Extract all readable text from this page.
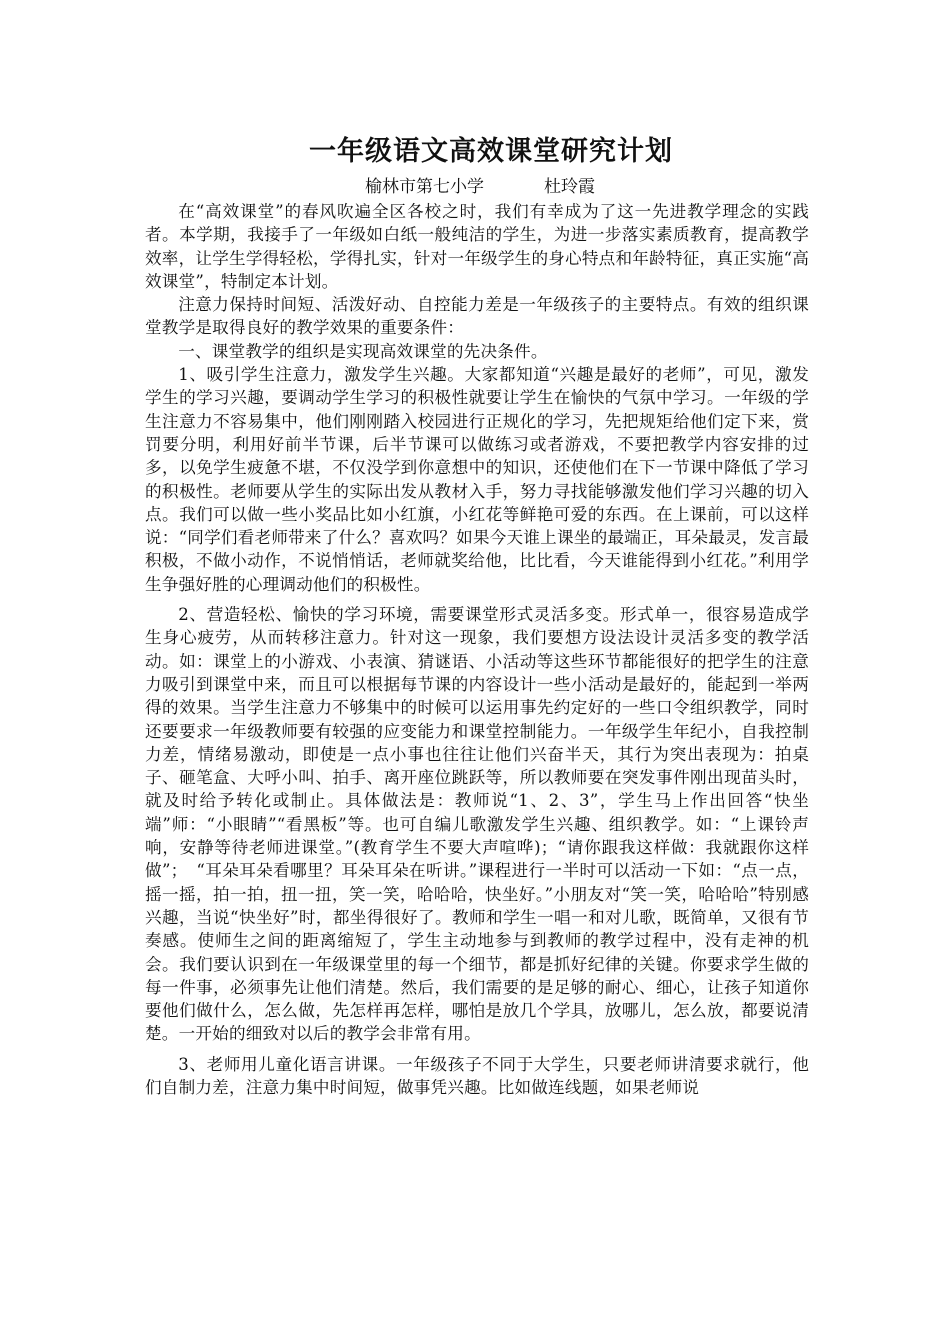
一年级语文高效课堂研究计划
榆林市第七小学	杜玲霞

在“高效课堂”的春风吹遍全区各校之时，我们有幸成为了这一先进教学理念的实践者。本学期，我接手了一年级如白纸一般纯洁的学生，为进一步落实素质教育，提高教学效率，让学生学得轻松，学得扎实，针对一年级学生的身心特点和年龄特征，真正实施“高效课堂”，特制定本计划。

注意力保持时间短、活泼好动、自控能力差是一年级孩子的主要特点。有效的组织课堂教学是取得良好的教学效果的重要条件：

一、课堂教学的组织是实现高效课堂的先决条件。

1、吸引学生注意力，激发学生兴趣。大家都知道“兴趣是最好的老师”，可见，激发学生的学习兴趣，要调动学生学习的积极性就要让学生在愉快的气氛中学习。一年级的学生注意力不容易集中，他们刚刚踏入校园进行正规化的学习，先把规矩给他们定下来，赏罚要分明，利用好前半节课，后半节课可以做练习或者游戏，不要把教学内容安排的过多，以免学生疲惫不堪，不仅没学到你意想中的知识，还使他们在下一节课中降低了学习的积极性。老师要从学生的实际出发从教材入手，努力寻找能够激发他们学习兴趣的切入点。我们可以做一些小奖品比如小红旗，小红花等鲜艳可爱的东西。在上课前，可以这样说：“同学们看老师带来了什么？喜欢吗？如果今天谁上课坐的最端正，耳朵最灵，发言最积极，不做小动作，不说悄悄话，老师就奖给他，比比看，今天谁能得到小红花。”利用学生争强好胜的心理调动他们的积极性。

2、营造轻松、愉快的学习环境，需要课堂形式灵活多变。形式单一，很容易造成学生身心疲劳，从而转移注意力。针对这一现象，我们要想方设法设计灵活多变的教学活动。如：课堂上的小游戏、小表演、猜谜语、小活动等这些环节都能很好的把学生的注意力吸引到课堂中来，而且可以根据每节课的内容设计一些小活动是最好的，能起到一举两得的效果。当学生注意力不够集中的时候可以运用事先约定好的一些口令组织教学，同时还要要求一年级教师要有较强的应变能力和课堂控制能力。一年级学生年纪小，自我控制力差，情绪易激动，即使是一点小事也往往让他们兴奋半天，其行为突出表现为：拍桌子、砸笔盒、大呼小叫、拍手、离开座位跳跃等，所以教师要在突发事件刚出现苗头时，就及时给予转化或制止。具体做法是：教师说“1、2、3”，学生马上作出回答“快坐端”师：“小眼睛”“看黑板”等。也可自编儿歌激发学生兴趣、组织教学。如：“上课铃声响，安静等待老师进课堂。”(教育学生不要大声喧哗)；“请你跟我这样做：我就跟你这样做”；　“耳朵耳朵看哪里？耳朵耳朵在听讲。”课程进行一半时可以活动一下如：“点一点，摇一摇，拍一拍，扭一扭，笑一笑，哈哈哈，快坐好。”小朋友对“笑一笑，哈哈哈”特别感兴趣，当说“快坐好”时，都坐得很好了。教师和学生一唱一和对儿歌，既简单，又很有节奏感。使师生之间的距离缩短了，学生主动地参与到教师的教学过程中，没有走神的机会。我们要认识到在一年级课堂里的每一个细节，都是抓好纪律的关键。你要求学生做的每一件事，必须事先让他们清楚。然后，我们需要的是足够的耐心、细心，让孩子知道你要他们做什么，怎么做，先怎样再怎样，哪怕是放几个学具，放哪儿，怎么放，都要说清楚。一开始的细致对以后的教学会非常有用。

3、老师用儿童化语言讲课。一年级孩子不同于大学生，只要老师讲清要求就行，他们自制力差，注意力集中时间短，做事凭兴趣。比如做连线题，如果老师说
